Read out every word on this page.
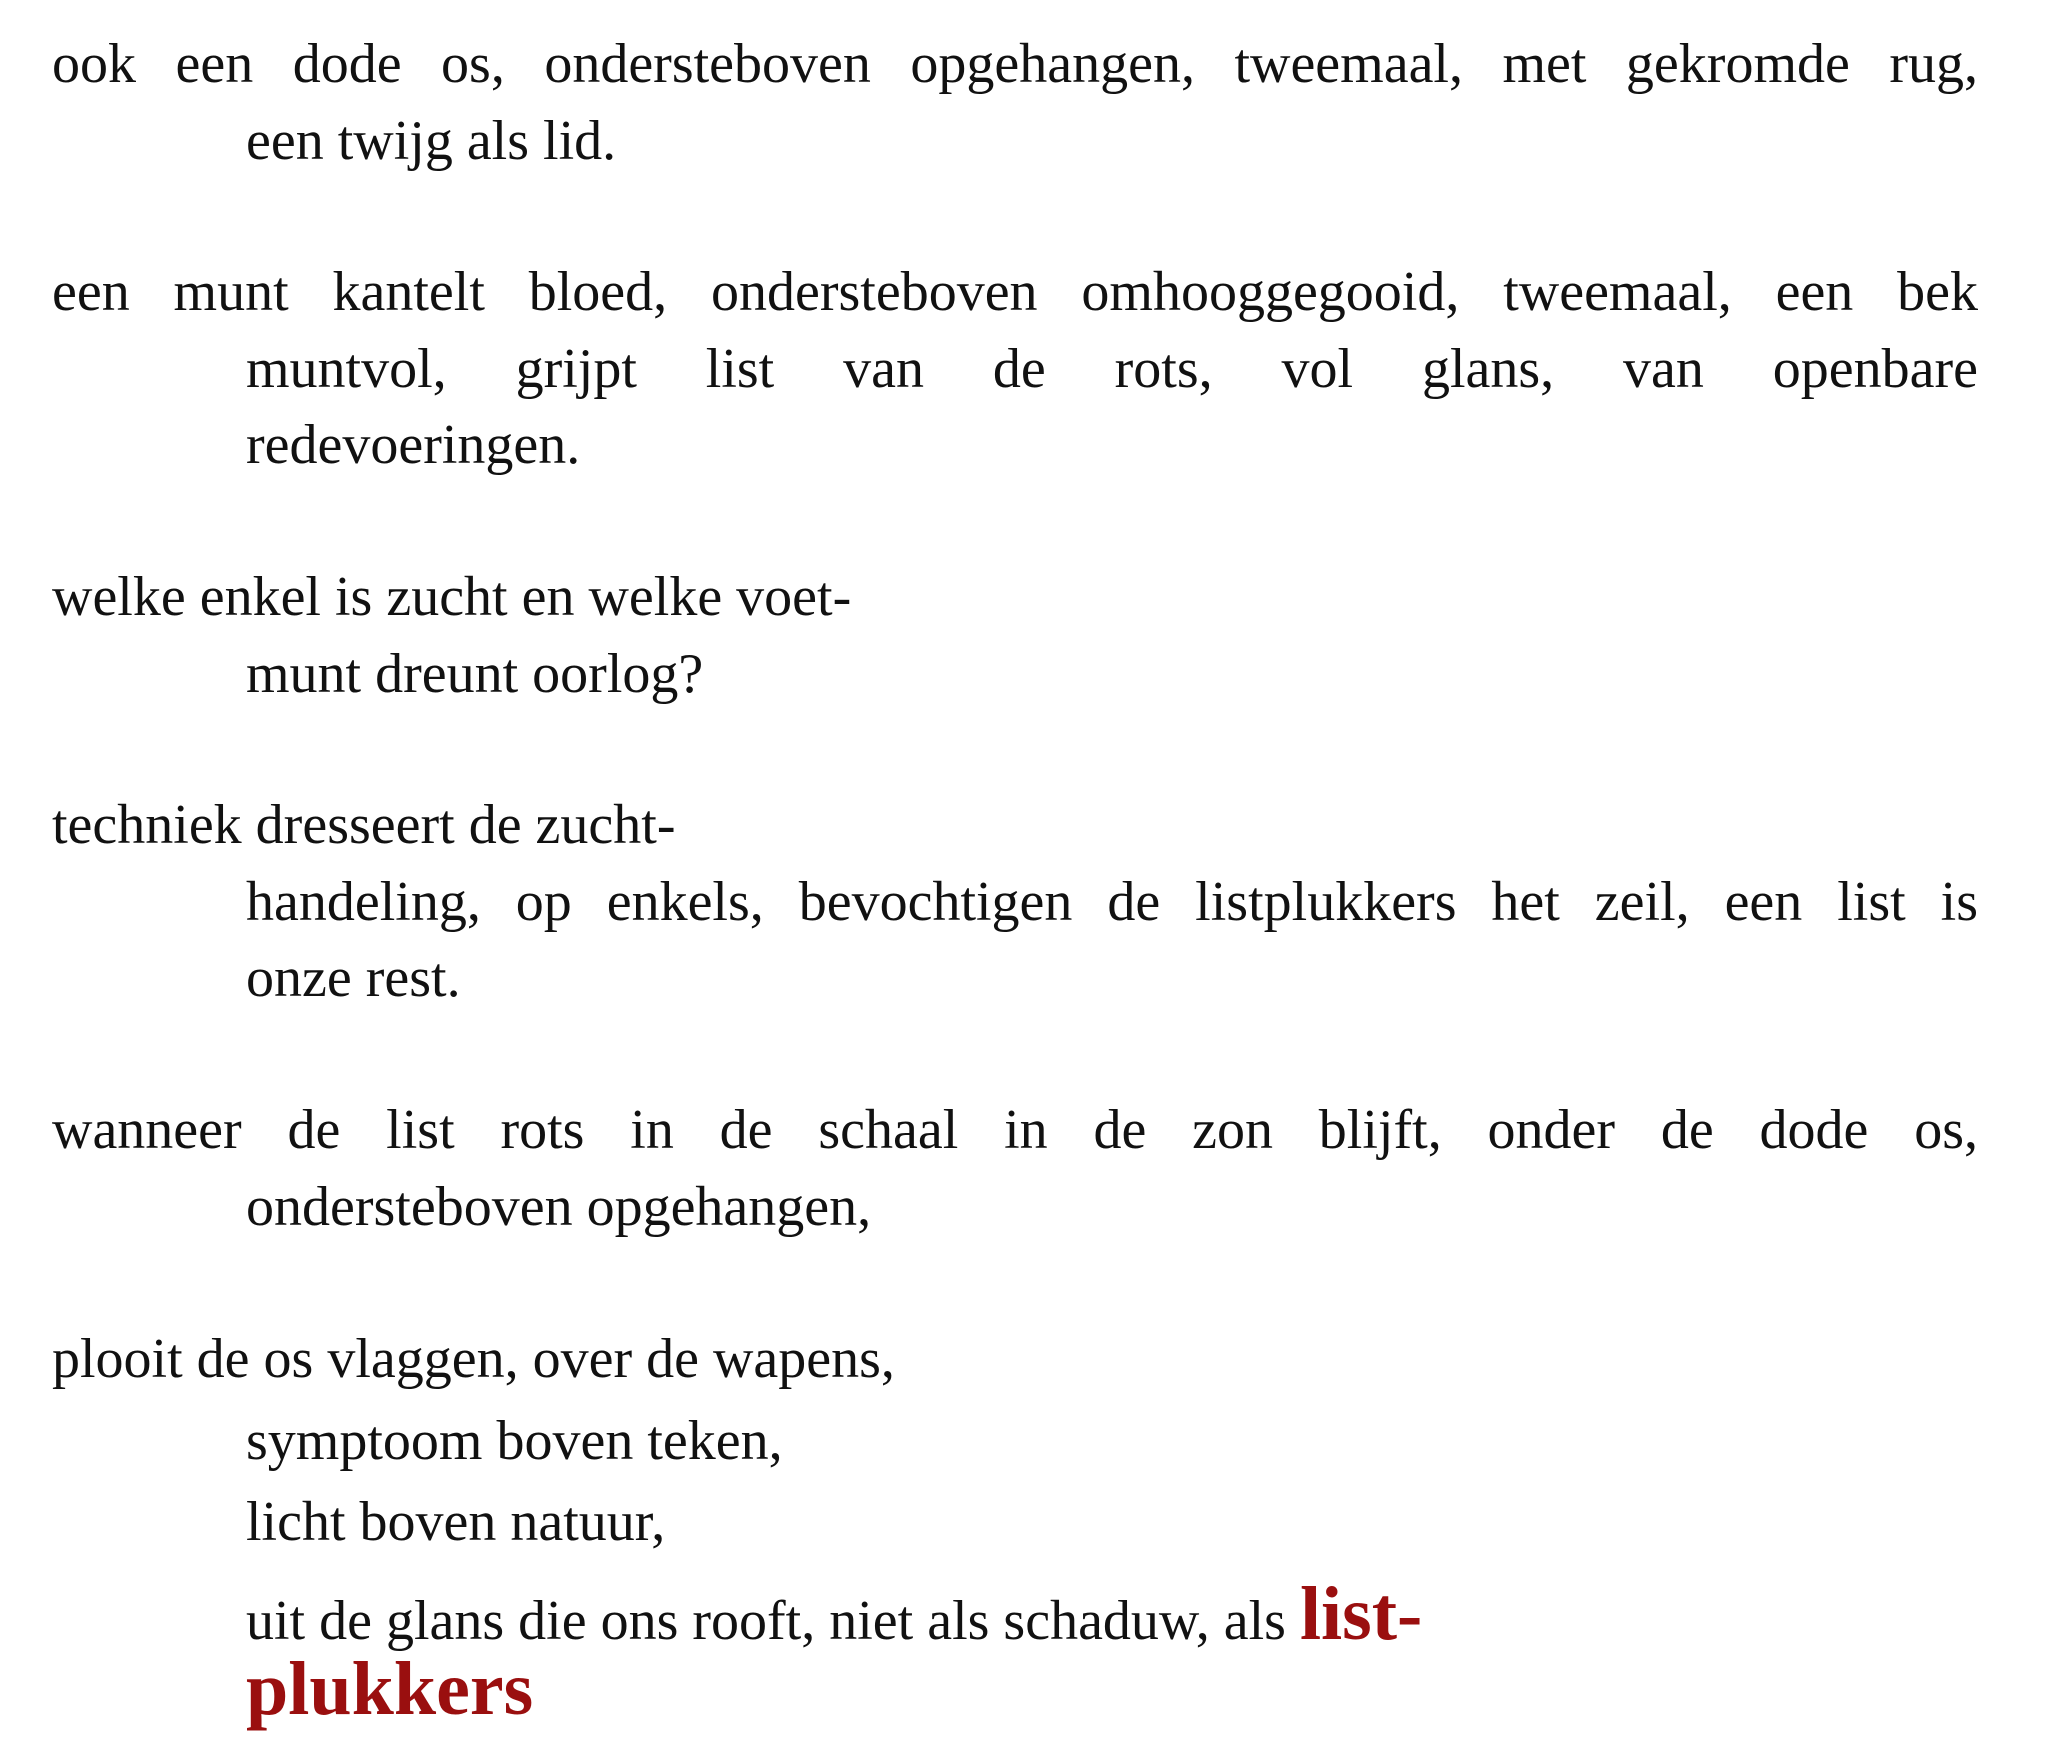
ook een dode os, ondersteboven opgehangen, tweemaal, met gekromde rug,
een twijg als lid.
een munt kantelt bloed, ondersteboven omhooggegooid, tweemaal, een bek
muntvol, grijpt list van de rots, vol glans, van openbare
redevoeringen.
welke enkel is zucht en welke voet-
munt dreunt oorlog?
techniek dresseert de zucht-
handeling, op enkels, bevochtigen de listplukkers het zeil, een list is
onze rest.
wanneer de list rots in de schaal in de zon blijft, onder de dode os,
ondersteboven opgehangen,
plooit de os vlaggen, over de wapens,
symptoom boven teken,
licht boven natuur,
uit de glans die ons rooft, niet als schaduw, als list-
plukkers
